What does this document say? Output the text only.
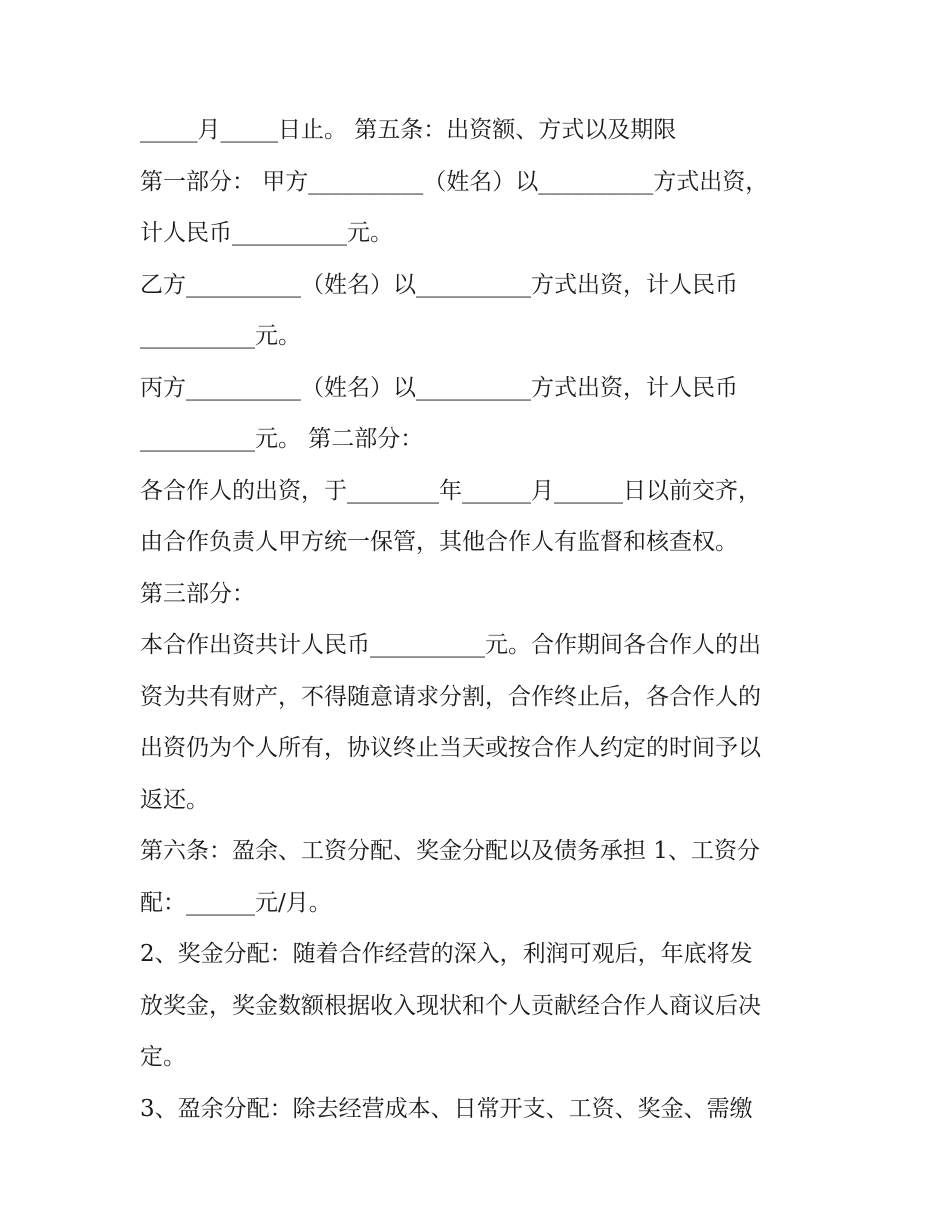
_____月_____日止。 第五条：出资额、方式以及期限
第一部分： 甲方__________（姓名）以__________方式出资，
计人民币__________元。
乙方__________（姓名）以__________方式出资，计人民币
__________元。
丙方__________（姓名）以__________方式出资，计人民币
__________元。 第二部分：
各合作人的出资，于________年______月______日以前交齐，
由合作负责人甲方统一保管，其他合作人有监督和核查权。
第三部分：
本合作出资共计人民币__________元。合作期间各合作人的出
资为共有财产，不得随意请求分割，合作终止后，各合作人的
出资仍为个人所有，协议终止当天或按合作人约定的时间予以
返还。
第六条：盈余、工资分配、奖金分配以及债务承担 1、工资分
配：______元/月。
2、奖金分配：随着合作经营的深入，利润可观后，年底将发
放奖金，奖金数额根据收入现状和个人贡献经合作人商议后决
定。
3、盈余分配：除去经营成本、日常开支、工资、奖金、需缴
